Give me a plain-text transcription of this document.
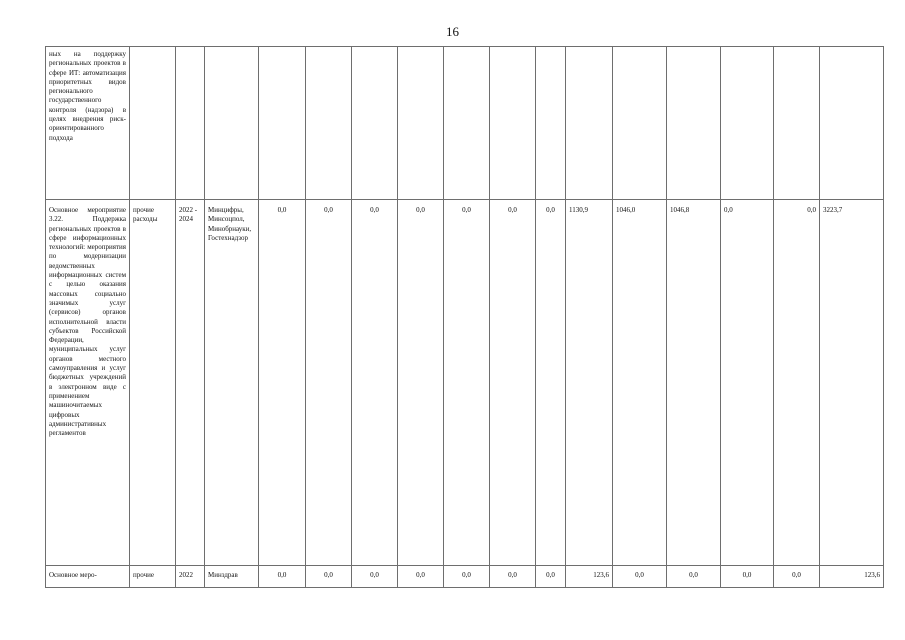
16
ных на поддержку региональных проектов в сфере ИТ: автоматизация приоритетных видов регионального государственного контроля (надзора) в целях внедрения риск-ориентированного подхода																
Основное мероприятие 3.22. Поддержка региональных проектов в сфере информационных технологий: мероприятия по модернизации ведомственных информационных систем с целью оказания массовых социально значимых услуг (сервисов) органов исполнительной власти субъектов Российской Федерации, муниципальных услуг органов местного самоуправления и услуг бюджетных учреждений в электронном виде с применением машиночитаемых цифровых административных регламентов	прочие расходы	2022 - 2024	Минцифры, Минсоцпол, Минобрнауки, Гостехнадзор	0,0	0,0	0,0	0,0	0,0	0,0	0,0	1130,9	1046,0	1046,8	0,0	0,0	3223,7
Основное меро-	прочие	2022	Минздрав	0,0	0,0	0,0	0,0	0,0	0,0	0,0	123,6	0,0	0,0	0,0	0,0	123,6
